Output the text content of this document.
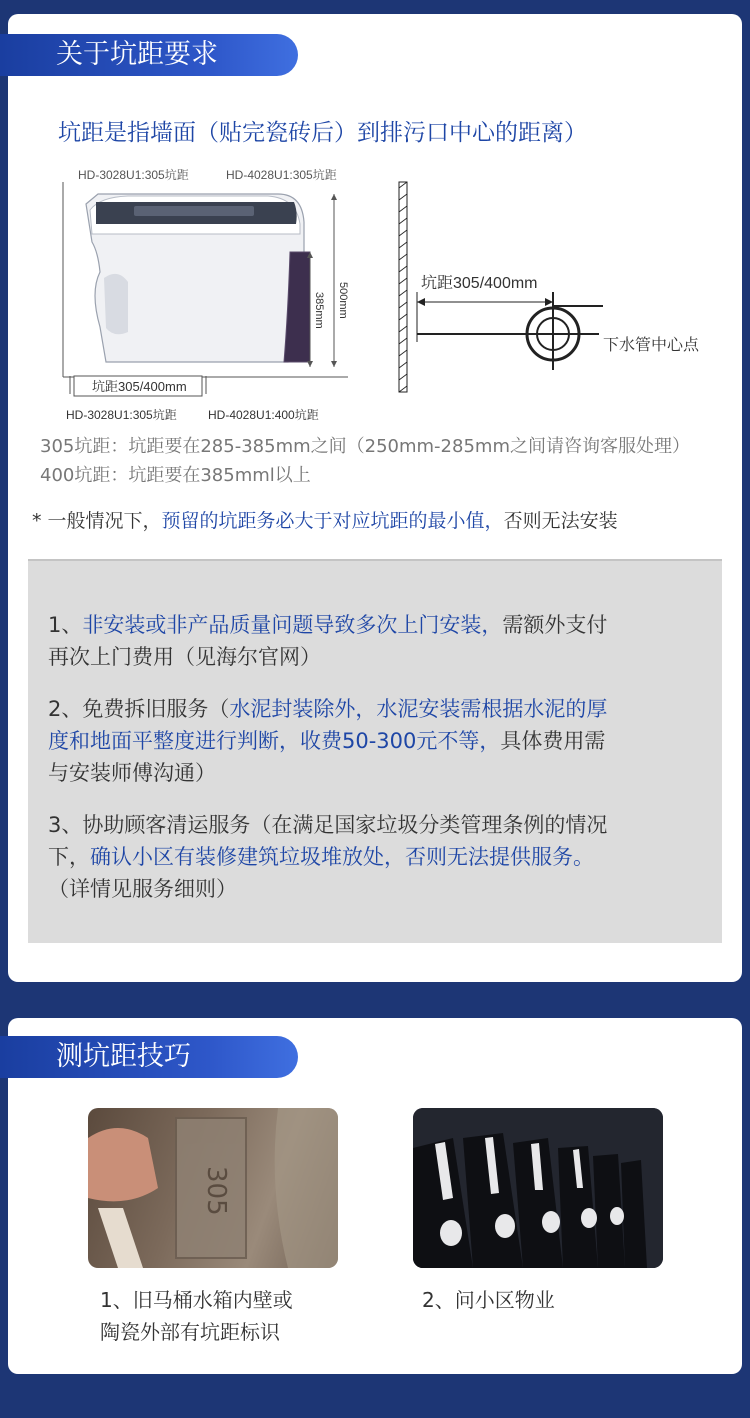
关于坑距要求
坑距是指墙面（贴完瓷砖后）到排污口中心的距离）
HD-3028U1:305坑距	HD-4028U1:305坑距
500mm
385mm
坑距305/400mm
HD-3028U1:305坑距	HD-4028U1:400坑距
坑距305/400mm
下水管中心点
305坑距：坑距要在285-385mm之间（250mm-285mm之间请咨询客服处理）
400坑距：坑距要在385mml以上
* 一般情况下，预留的坑距务必大于对应坑距的最小值，否则无法安装
1、非安装或非产品质量问题导致多次上门安装，需额外支付
再次上门费用（见海尔官网）
2、免费拆旧服务（水泥封装除外，水泥安装需根据水泥的厚
度和地面平整度进行判断，收费50-300元不等，具体费用需
与安装师傅沟通）
3、协助顾客清运服务（在满足国家垃圾分类管理条例的情况
下，确认小区有装修建筑垃圾堆放处，否则无法提供服务。
（详情见服务细则）
测坑距技巧
305
1、旧马桶水箱内壁或
陶瓷外部有坑距标识
2、问小区物业
